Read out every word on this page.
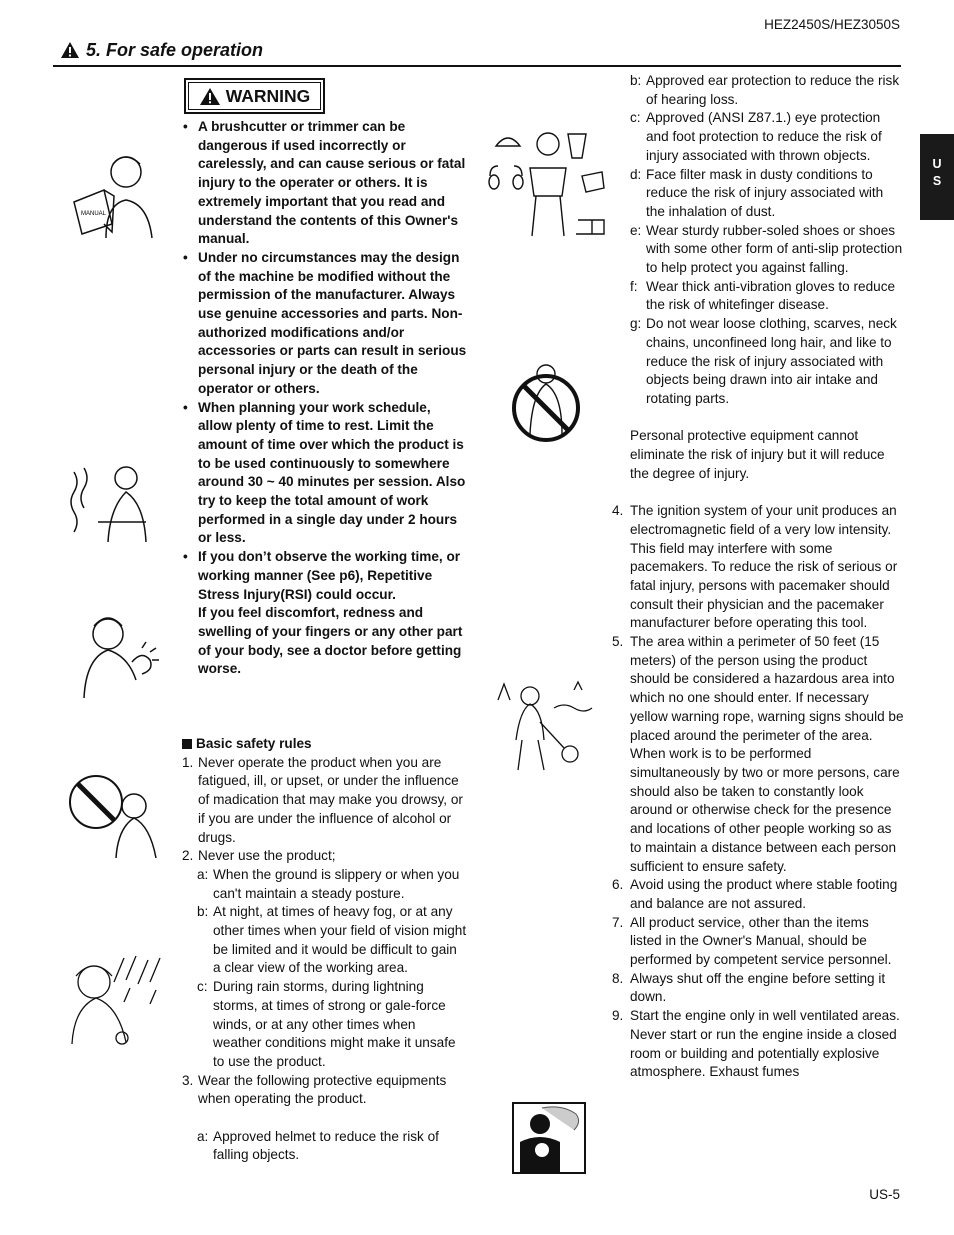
HEZ2450S/HEZ3050S
5. For safe operation
U
S
WARNING
• A brushcutter or trimmer can be dangerous if used incorrectly or carelessly, and can cause serious or fatal injury to the operater or others. It is extremely important that you read and understand the contents of this Owner's manual.
• Under no circumstances may the design of the machine be modified without the permission of the manufacturer. Always use genuine accessories and parts. Non-authorized modifications and/or accessories or parts can result in serious personal injury or the death of the operator or others.
• When planning your work schedule, allow plenty of time to rest. Limit the amount of time over which the product is to be used continuously to somewhere around 30 ~ 40 minutes per session. Also try to keep the total amount of work performed in a single day under 2 hours or less.
• If you don’t observe the working time, or working manner (See p6), Repetitive Stress Injury(RSI) could occur.
If you feel discomfort, redness and swelling of your fingers or any other part of your body, see a doctor before getting worse.
Basic safety rules
1. Never operate the product when you are fatigued, ill, or upset, or under the influence of madication that may make you drowsy, or if you are under the influence of alcohol or drugs.
2. Never use the product;
a: When the ground is slippery or when you can't maintain a steady posture.
b: At night, at times of heavy fog, or at any other times when your field of vision might be limited and it would be difficult to gain a clear view of the working area.
c: During rain storms, during lightning storms, at times of strong or gale-force winds, or at any other times when weather conditions might make it unsafe to use the product.
3. Wear the following protective equipments when operating the product.
a: Approved helmet to reduce the risk of falling objects.
b: Approved ear protection to reduce the risk of hearing loss.
c: Approved (ANSI Z87.1.) eye protection and foot protection to reduce the risk of injury associated with thrown objects.
d: Face filter mask in dusty conditions to reduce the risk of injury associated with the inhalation of dust.
e: Wear sturdy rubber-soled shoes or shoes with some other form of anti-slip protection to help protect you against falling.
f: Wear thick anti-vibration gloves to reduce the risk of whitefinger disease.
g: Do not wear loose clothing, scarves, neck chains, unconfineed long hair, and like to reduce the risk of injury associated with objects being drawn into air intake and rotating parts.
Personal protective equipment cannot eliminate the risk of injury but it will reduce the degree of injury.
4. The ignition system of your unit produces an electromagnetic field of a very low intensity. This field may interfere with some pacemakers. To reduce the risk of serious or fatal injury, persons with pacemaker should consult their physician and the pacemaker manufacturer before operating this tool.
5. The area within a perimeter of 50 feet (15 meters) of the person using the product should be considered a hazardous area into which no one should enter. If necessary yellow warning rope, warning signs should be placed around the perimeter of the area.
When work is to be performed simultaneously by two or more persons, care should also be taken to constantly look around or otherwise check for the presence and locations of other people working so as to maintain a distance between each person sufficient to ensure safety.
6. Avoid using the product where stable footing and balance are not assured.
7. All product service, other than the items listed in the Owner's Manual, should be performed by competent service personnel.
8. Always shut off the engine before setting it down.
9. Start the engine only in well ventilated areas. Never start or run the engine inside a closed room or building and potentially explosive atmosphere. Exhaust fumes
MANUAL
US-5
